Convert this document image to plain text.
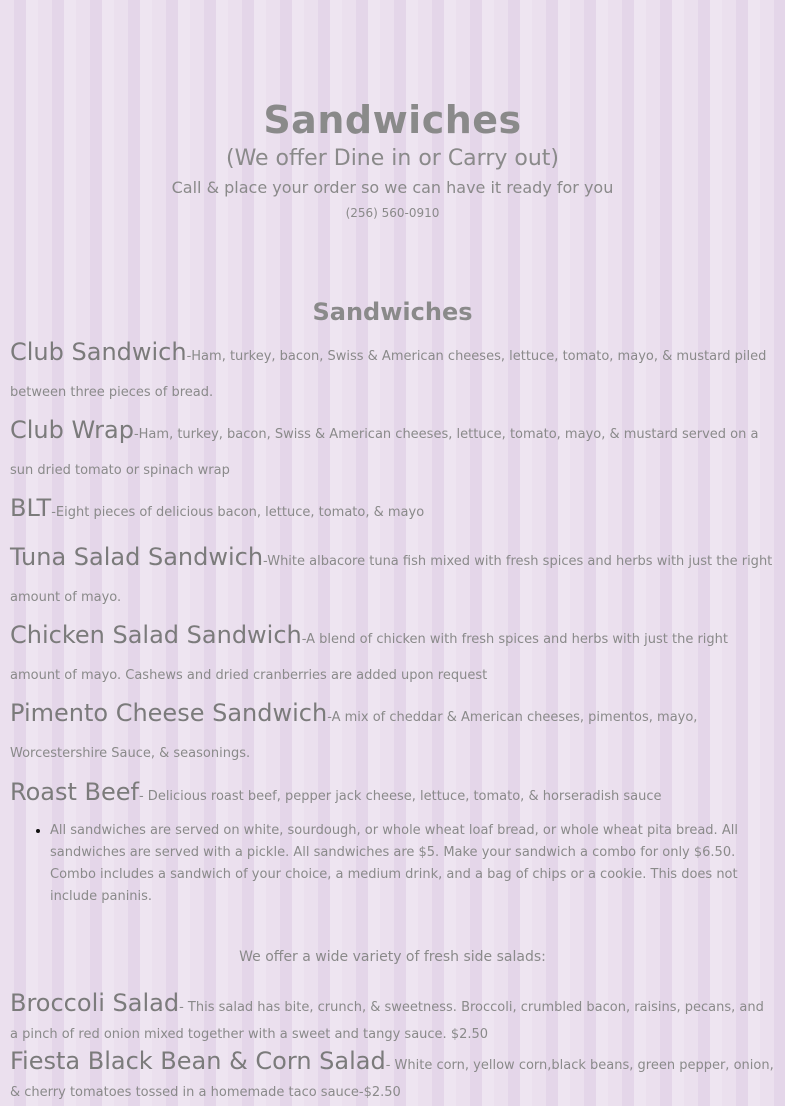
Sandwiches
(We offer Dine in or Carry out)
Call & place your order so we can have it ready for you
(256) 560-0910
Sandwiches

Club Sandwich-Ham, turkey, bacon, Swiss & American cheeses, lettuce, tomato, mayo, & mustard piled between three pieces of bread.

Club Wrap-Ham, turkey, bacon, Swiss & American cheeses, lettuce, tomato, mayo, & mustard served on a sun dried tomato or spinach wrap

BLT-Eight pieces of delicious bacon, lettuce, tomato, & mayo

Tuna Salad Sandwich-White albacore tuna fish mixed with fresh spices and herbs with just the right amount of mayo.

Chicken Salad Sandwich-A blend of chicken with fresh spices and herbs with just the right amount of mayo. Cashews and dried cranberries are added upon request

Pimento Cheese Sandwich-A mix of cheddar & American cheeses, pimentos, mayo, Worcestershire Sauce, & seasonings.

Roast Beef- Delicious roast beef, pepper jack cheese, lettuce, tomato, & horseradish sauce

• All sandwiches are served on white, sourdough, or whole wheat loaf bread, or whole wheat pita bread. All sandwiches are served with a pickle. All sandwiches are $5. Make your sandwich a combo for only $6.50. Combo includes a sandwich of your choice, a medium drink, and a bag of chips or a cookie. This does not include paninis.
We offer a wide variety of fresh side salads:

Broccoli Salad- This salad has bite, crunch, & sweetness. Broccoli, crumbled bacon, raisins, pecans, and a pinch of red onion mixed together with a sweet and tangy sauce. $2.50

Fiesta Black Bean & Corn Salad- White corn, yellow corn,black beans, green pepper, onion, & cherry tomatoes tossed in a homemade taco sauce-$2.50
